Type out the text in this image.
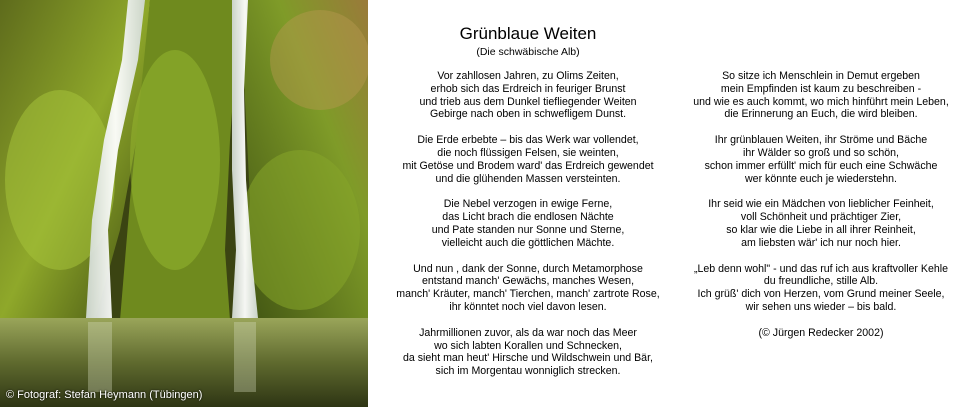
© Fotograf: Stefan Heymann (Tübingen)
Grünblaue Weiten
(Die schwäbische Alb)
Vor zahllosen Jahren, zu Olims Zeiten,
erhob sich das Erdreich in feuriger Brunst
und trieb aus dem Dunkel tiefliegender Weiten
Gebirge nach oben in schwefligem Dunst.
Die Erde erbebte – bis das Werk war vollendet,
die noch flüssigen Felsen, sie weinten,
mit Getöse und Brodem ward' das Erdreich gewendet
und die glühenden Massen versteinten.
Die Nebel verzogen in ewige Ferne,
das Licht brach die endlosen Nächte
und Pate standen nur Sonne und Sterne,
vielleicht auch die göttlichen Mächte.
Und nun , dank der Sonne, durch Metamorphose
entstand manch' Gewächs, manches Wesen,
manch' Kräuter, manch' Tierchen, manch' zartrote Rose,
ihr könntet noch viel davon lesen.
Jahrmillionen zuvor, als da war noch das Meer
wo sich labten Korallen und Schnecken,
da sieht man heut' Hirsche und Wildschwein und Bär,
sich im Morgentau wonniglich strecken.
So sitze ich Menschlein in Demut ergeben
mein Empfinden ist kaum zu beschreiben -
und wie es auch kommt, wo mich hinführt mein Leben,
die Erinnerung an Euch, die wird bleiben.
Ihr grünblauen Weiten, ihr Ströme und Bäche
ihr Wälder so groß und so schön,
schon immer erfüllt' mich für euch eine Schwäche
wer könnte euch je wiederstehn.
Ihr seid wie ein Mädchen von lieblicher Feinheit,
voll Schönheit und prächtiger Zier,
so klar wie die Liebe in all ihrer Reinheit,
am liebsten wär' ich nur noch hier.
„Leb denn wohl" - und das ruf ich aus kraftvoller Kehle
du freundliche, stille Alb.
Ich grüß' dich von Herzen, vom Grund meiner Seele,
wir sehen uns wieder – bis bald.
(© Jürgen Redecker 2002)
